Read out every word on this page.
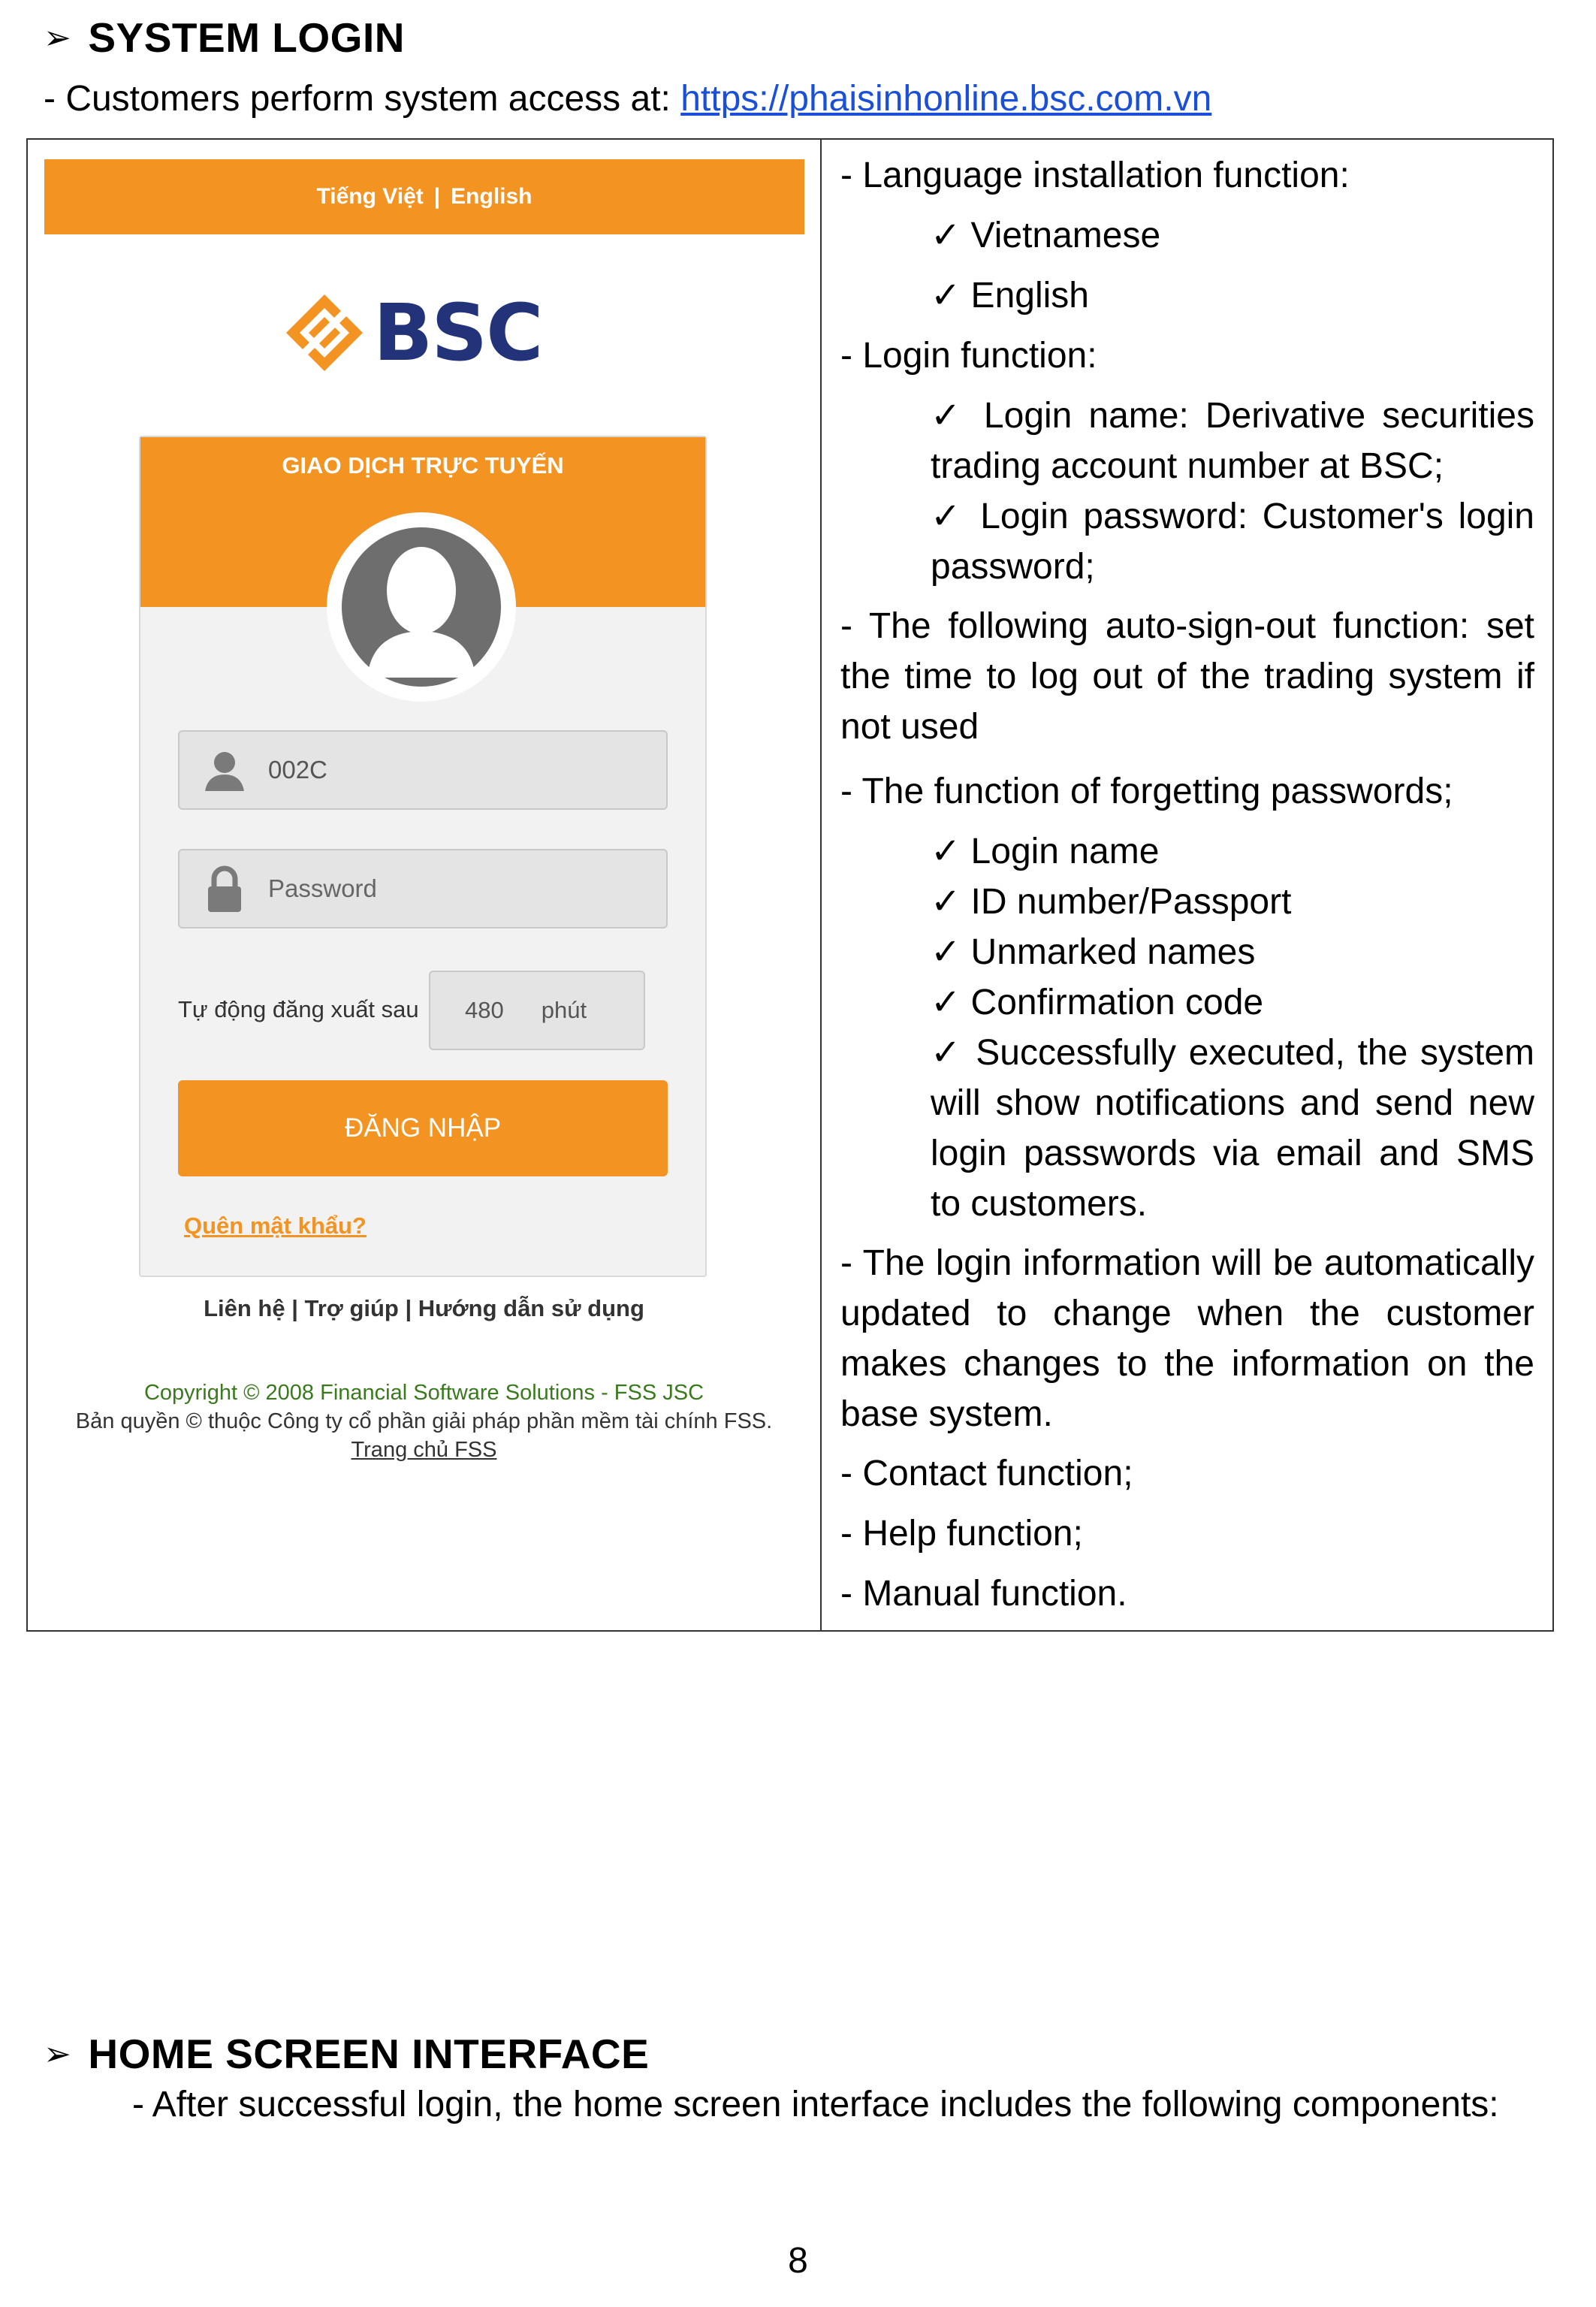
➢ SYSTEM LOGIN
- Customers perform system access at: https://phaisinhonline.bsc.com.vn
Tiếng Việt | English
BSC
GIAO DỊCH TRỰC TUYẾN
002C
Tự động đăng xuất sau 480 phút
ĐĂNG NHẬP
Quên mật khẩu?
Liên hệ | Trợ giúp | Hướng dẫn sử dụng
Copyright © 2008 Financial Software Solutions - FSS JSC
Bản quyền © thuộc Công ty cổ phần giải pháp phần mềm tài chính FSS.
Trang chủ FSS

- Language installation function:

✓ Vietnamese

✓ English

- Login function:

✓ Login name: Derivative securities trading account number at BSC;

✓ Login password: Customer's login password;

- The following auto-sign-out function: set the time to log out of the trading system if not used

- The function of forgetting passwords;

✓ Login name

✓ ID number/Passport

✓ Unmarked names

✓ Confirmation code

✓ Successfully executed, the system will show notifications and send new login passwords via email and SMS to customers.

- The login information will be automatically updated to change when the customer makes changes to the information on the base system.

- Contact function;

- Help function;

- Manual function.

➢ HOME SCREEN INTERFACE

- After successful login, the home screen interface includes the following components:

8
